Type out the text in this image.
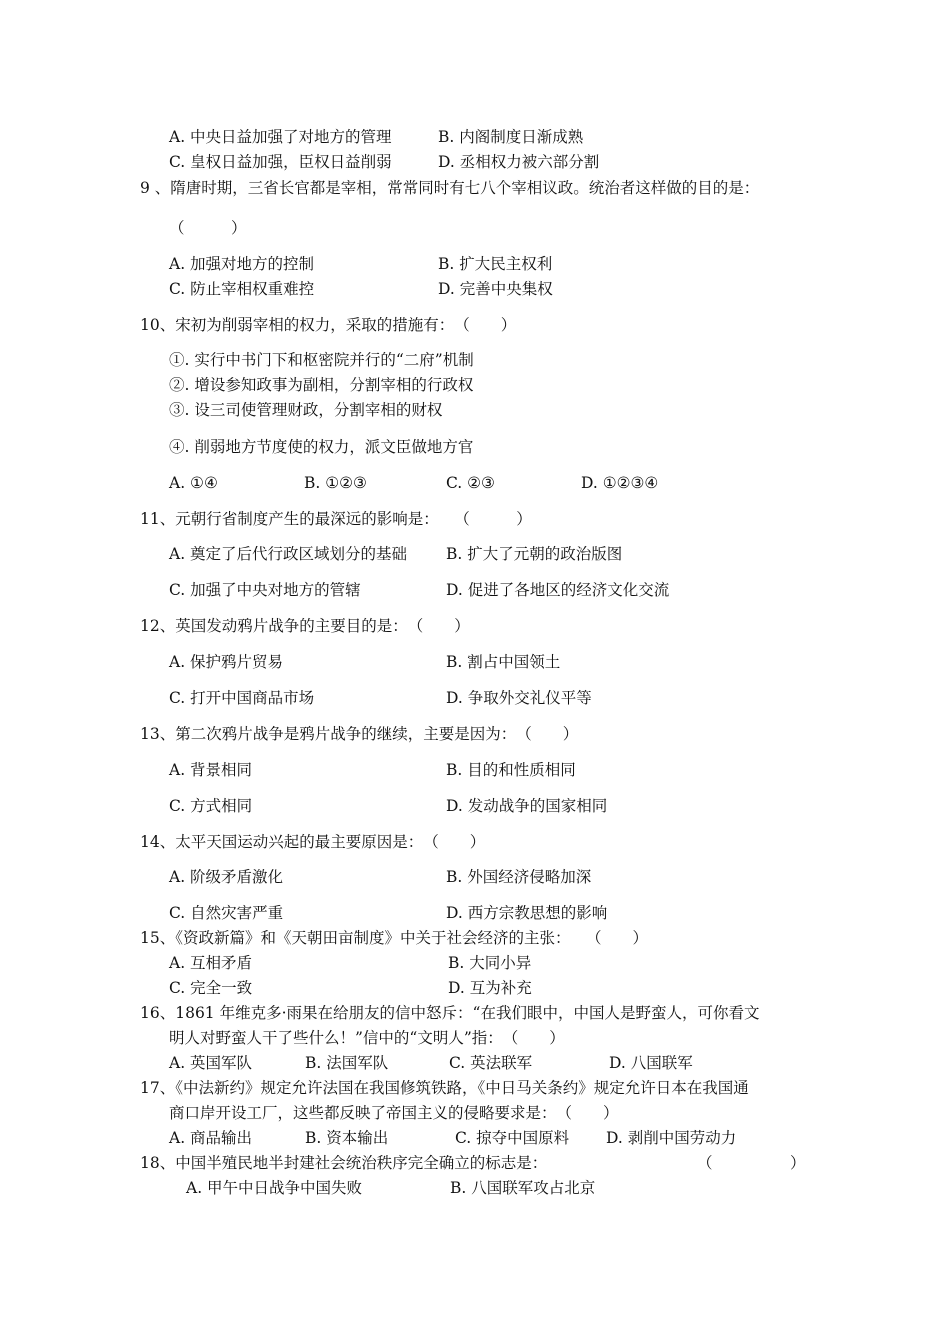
A. 中央日益加强了对地方的管理	B. 内阁制度日渐成熟
C. 皇权日益加强，臣权日益削弱	D. 丞相权力被六部分割
9 、隋唐时期，三省长官都是宰相，常常同时有七八个宰相议政。统治者这样做的目的是：
（　　　）
A. 加强对地方的控制	B. 扩大民主权利
C. 防止宰相权重难控	D. 完善中央集权
10、宋初为削弱宰相的权力，采取的措施有：　（　　）
①. 实行中书门下和枢密院并行的“二府”机制
②. 增设参知政事为副相，分割宰相的行政权
③. 设三司使管理财政，分割宰相的财权
④. 削弱地方节度使的权力，派文臣做地方官
A. ①④	B. ①②③	C. ②③	D. ①②③④
11、元朝行省制度产生的最深远的影响是：　　（　　　）
A. 奠定了后代行政区域划分的基础	B. 扩大了元朝的政治版图
C. 加强了中央对地方的管辖	D. 促进了各地区的经济文化交流
12、英国发动鸦片战争的主要目的是：　（　　）
A. 保护鸦片贸易	B. 割占中国领土
C. 打开中国商品市场	D. 争取外交礼仪平等
13、第二次鸦片战争是鸦片战争的继续，主要是因为：　（　　）
A. 背景相同	B. 目的和性质相同
C. 方式相同	D. 发动战争的国家相同
14、太平天国运动兴起的最主要原因是：　（　　）
A. 阶级矛盾激化	B. 外国经济侵略加深
C. 自然灾害严重	D. 西方宗教思想的影响
15、《资政新篇》和《天朝田亩制度》中关于社会经济的主张：　　（　　）
A. 互相矛盾	B. 大同小异
C. 完全一致	D. 互为补充
16、1861 年维克多·雨果在给朋友的信中怒斥：“在我们眼中，中国人是野蛮人，可你看文
明人对野蛮人干了些什么！”信中的“文明人”指：　（　　）
A. 英国军队	B. 法国军队	C. 英法联军	D. 八国联军
17、《中法新约》规定允许法国在我国修筑铁路，《中日马关条约》规定允许日本在我国通
商口岸开设工厂，这些都反映了帝国主义的侵略要求是：　（　　）
A. 商品输出	B. 资本输出	C. 掠夺中国原料 D. 剥削中国劳动力
18、中国半殖民地半封建社会统治秩序完全确立的标志是：	（　　　　　）
A. 甲午中日战争中国失败	B. 八国联军攻占北京
